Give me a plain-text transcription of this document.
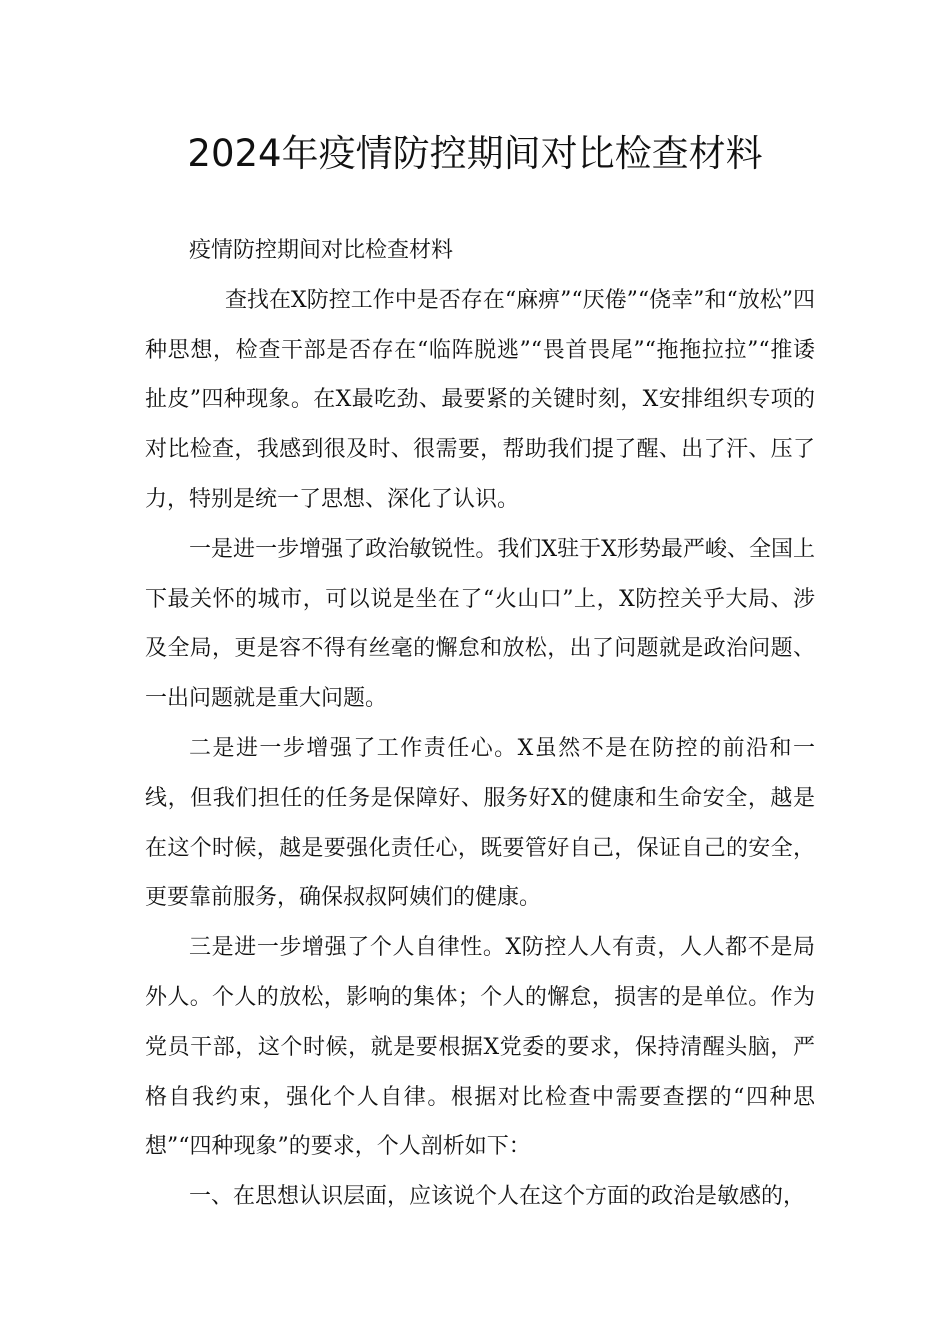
2024年疫情防控期间对比检查材料

疫情防控期间对比检查材料

查找在X防控工作中是否存在“麻痹”“厌倦”“侥幸”和“放松”四种思想，检查干部是否存在“临阵脱逃”“畏首畏尾”“拖拖拉拉”“推诿扯皮”四种现象。在X最吃劲、最要紧的关键时刻，X安排组织专项的对比检查，我感到很及时、很需要，帮助我们提了醒、出了汗、压了力，特别是统一了思想、深化了认识。

一是进一步增强了政治敏锐性。我们X驻于X形势最严峻、全国上下最关怀的城市，可以说是坐在了“火山口”上，X防控关乎大局、涉及全局，更是容不得有丝毫的懈怠和放松，出了问题就是政治问题、一出问题就是重大问题。

二是进一步增强了工作责任心。X虽然不是在防控的前沿和一线，但我们担任的任务是保障好、服务好X的健康和生命安全，越是在这个时候，越是要强化责任心，既要管好自己，保证自己的安全，更要靠前服务，确保叔叔阿姨们的健康。

三是进一步增强了个人自律性。X防控人人有责，人人都不是局外人。个人的放松，影响的集体；个人的懈怠，损害的是单位。作为党员干部，这个时候，就是要根据X党委的要求，保持清醒头脑，严格自我约束，强化个人自律。根据对比检查中需要查摆的“四种思想”“四种现象”的要求，个人剖析如下：

一、在思想认识层面，应该说个人在这个方面的政治是敏感的，
